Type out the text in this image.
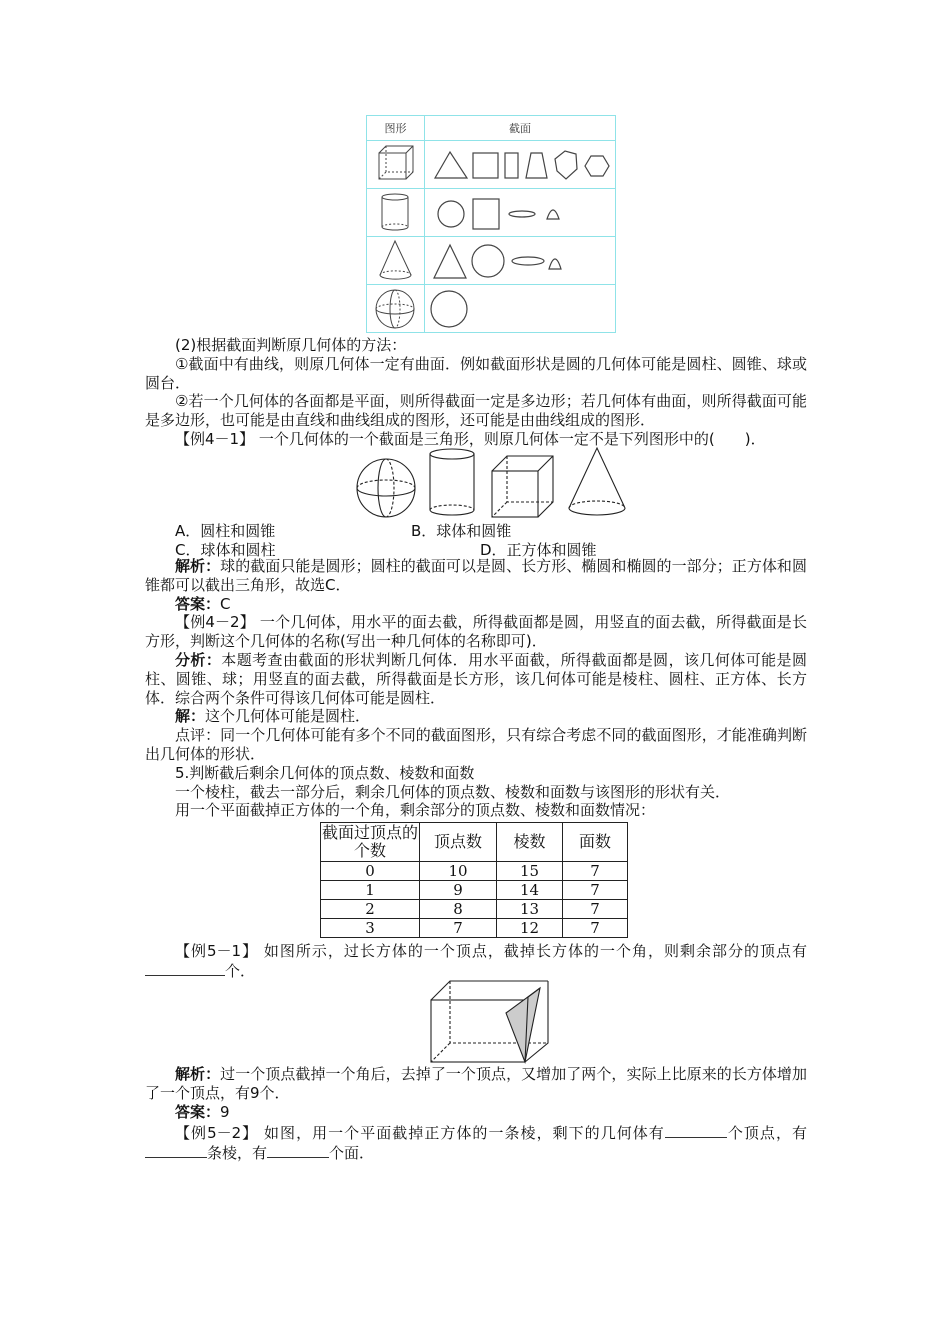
图形	截面

(2)根据截面判断原几何体的方法：

①截面中有曲线，则原几何体一定有曲面．例如截面形状是圆的几何体可能是圆柱、圆锥、球或圆台．

②若一个几何体的各面都是平面，则所得截面一定是多边形；若几何体有曲面，则所得截面可能是多边形，也可能是由直线和曲线组成的图形，还可能是由曲线组成的图形．

【例4－1】 一个几何体的一个截面是三角形，则原几何体一定不是下列图形中的(　　)．

A．圆柱和圆锥	B．球体和圆锥
C．球体和圆柱	D．正方体和圆锥

解析：球的截面只能是圆形；圆柱的截面可以是圆、长方形、椭圆和椭圆的一部分；正方体和圆锥都可以截出三角形，故选C．

答案：C

【例4－2】 一个几何体，用水平的面去截，所得截面都是圆，用竖直的面去截，所得截面是长方形，判断这个几何体的名称(写出一种几何体的名称即可)．

分析：本题考查由截面的形状判断几何体．用水平面截，所得截面都是圆，该几何体可能是圆柱、圆锥、球；用竖直的面去截，所得截面是长方形，该几何体可能是棱柱、圆柱、正方体、长方体．综合两个条件可得该几何体可能是圆柱．

解：这个几何体可能是圆柱．

点评：同一个几何体可能有多个不同的截面图形，只有综合考虑不同的截面图形，才能准确判断出几何体的形状．

5.判断截后剩余几何体的顶点数、棱数和面数

一个棱柱，截去一部分后，剩余几何体的顶点数、棱数和面数与该图形的形状有关．

用一个平面截掉正方体的一个角，剩余部分的顶点数、棱数和面数情况：

截面过顶点的个数	顶点数	棱数	面数
0	10	15	7
1	9	14	7
2	8	13	7
3	7	12	7

【例5－1】 如图所示，过长方体的一个顶点，截掉长方体的一个角，则剩余部分的顶点有个．

解析：过一个顶点截掉一个角后，去掉了一个顶点，又增加了两个，实际上比原来的长方体增加了一个顶点，有9个．

答案：9

【例5－2】 如图，用一个平面截掉正方体的一条棱，剩下的几何体有	个顶点，有条棱，有	个面．
